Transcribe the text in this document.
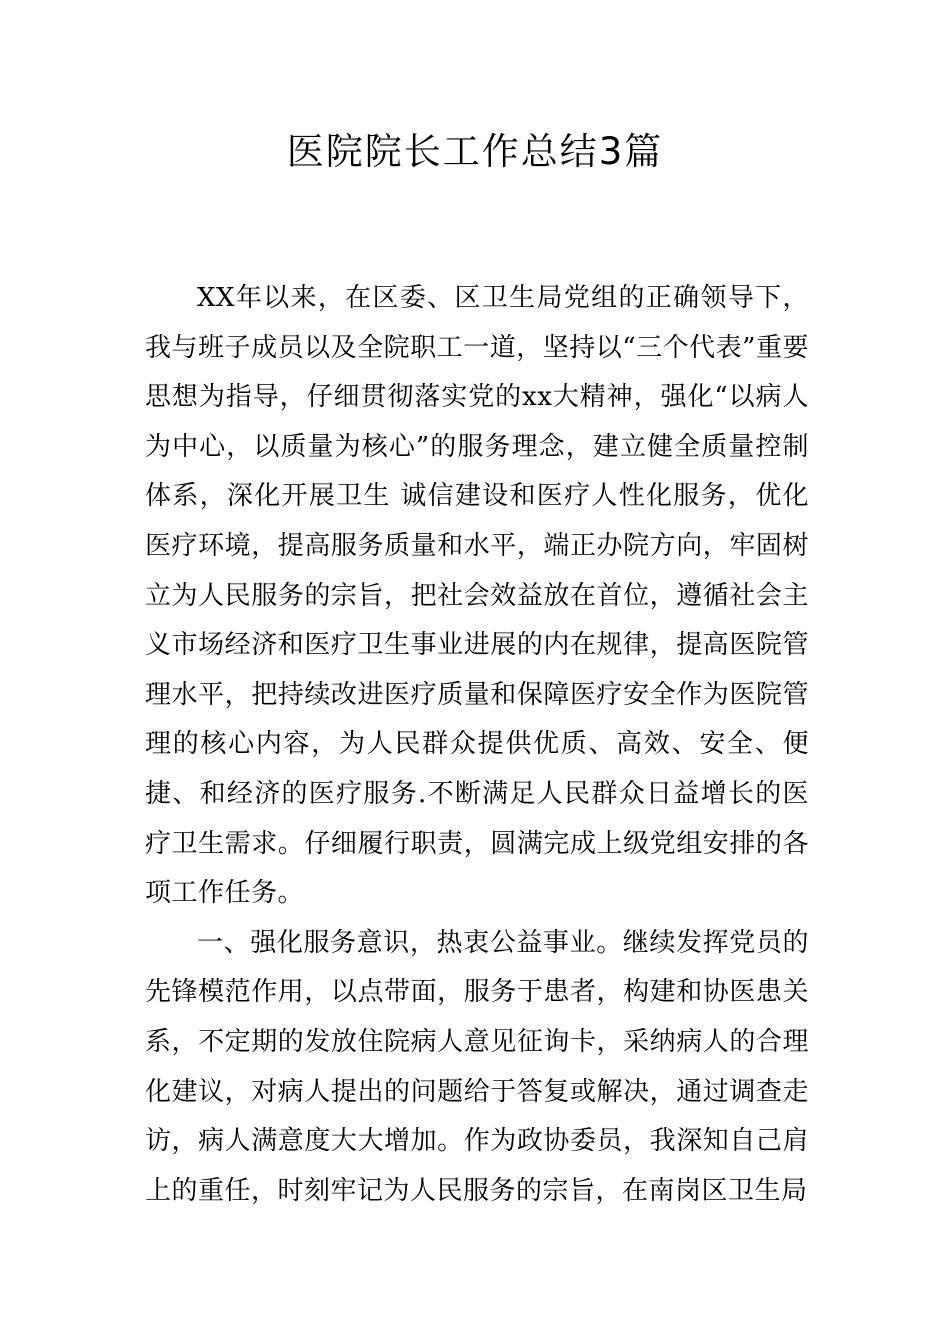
医院院长工作总结3篇

XX年以来，在区委、区卫生局党组的正确领导下，我与班子成员以及全院职工一道，坚持以“三个代表”重要思想为指导，仔细贯彻落实党的xx大精神，强化“以病人为中心，以质量为核心”的服务理念，建立健全质量控制体系，深化开展卫生 诚信建设和医疗人性化服务，优化医疗环境，提高服务质量和水平，端正办院方向，牢固树立为人民服务的宗旨，把社会效益放在首位，遵循社会主义市场经济和医疗卫生事业进展的内在规律，提高医院管理水平，把持续改进医疗质量和保障医疗安全作为医院管理的核心内容，为人民群众提供优质、高效、安全、便捷、和经济的医疗服务.不断满足人民群众日益增长的医疗卫生需求。仔细履行职责，圆满完成上级党组安排的各项工作任务。

一、强化服务意识，热衷公益事业。继续发挥党员的先锋模范作用，以点带面，服务于患者，构建和协医患关系，不定期的发放住院病人意见征询卡，采纳病人的合理化建议，对病人提出的问题给于答复或解决，通过调查走访，病人满意度大大增加。作为政协委员，我深知自己肩上的重任，时刻牢记为人民服务的宗旨，在南岗区卫生局
